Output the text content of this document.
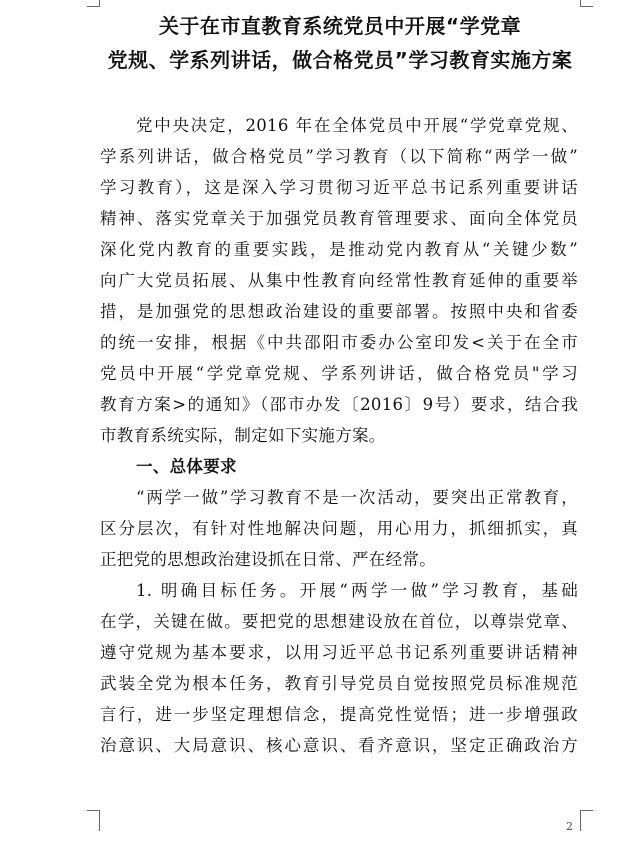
关于在市直教育系统党员中开展“学党章
党规、学系列讲话，做合格党员”学习教育实施方案
党中央决定，2016 年在全体党员中开展“学党章党规、
学系列讲话，做合格党员”学习教育（以下简称“两学一做”
学习教育），这是深入学习贯彻习近平总书记系列重要讲话
精神、落实党章关于加强党员教育管理要求、面向全体党员
深化党内教育的重要实践，是推动党内教育从“关键少数”
向广大党员拓展、从集中性教育向经常性教育延伸的重要举
措，是加强党的思想政治建设的重要部署。按照中央和省委
的统一安排，根据《中共邵阳市委办公室印发<关于在全市
党员中开展“学党章党规、学系列讲话，做合格党员"学习
教育方案>的通知》（邵市办发〔2016〕9号）要求，结合我
市教育系统实际，制定如下实施方案。
一、总体要求
“两学一做”学习教育不是一次活动，要突出正常教育，
区分层次，有针对性地解决问题，用心用力，抓细抓实，真
正把党的思想政治建设抓在日常、严在经常。
1. 明确目标任务。开展“两学一做”学习教育，基础
在学，关键在做。要把党的思想建设放在首位，以尊崇党章、
遵守党规为基本要求，以用习近平总书记系列重要讲话精神
武装全党为根本任务，教育引导党员自觉按照党员标准规范
言行，进一步坚定理想信念，提高党性觉悟；进一步增强政
治意识、大局意识、核心意识、看齐意识，坚定正确政治方
2
